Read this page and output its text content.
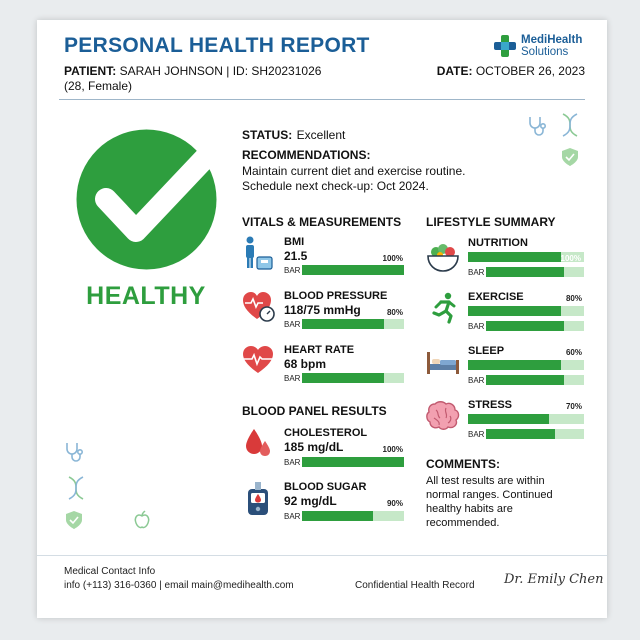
PERSONAL HEALTH REPORT	MediHealth
Solutions
PATIENT: SARAH JOHNSON | ID: SH20231026
(28, Female)
DATE: OCTOBER 26, 2023
HEALTHY
STATUS: Excellent
RECOMMENDATIONS:
Maintain current diet and exercise routine.
Schedule next check-up: Oct 2024.
VITALS & MEASUREMENTS
BMI
21.5
BAR
100%
BLOOD PRESSURE
118/75 mmHg
BAR
80%
HEART RATE
68 bpm
BAR
BLOOD PANEL RESULTS
CHOLESTEROL
185 mg/dL
BAR
100%
BLOOD SUGAR
92 mg/dL
BAR
90%
LIFESTYLE SUMMARY
NUTRITION
100%
BAR
EXERCISE	80%
BAR
SLEEP	60%
BAR
STRESS	70%
BAR
COMMENTS:
All test results are within normal ranges. Continued healthy habits are recommended.
Medical Contact Info
info (+113) 316-0360 | email main@medihealth.com	Confidential Health Record Dr. Emily Chen
